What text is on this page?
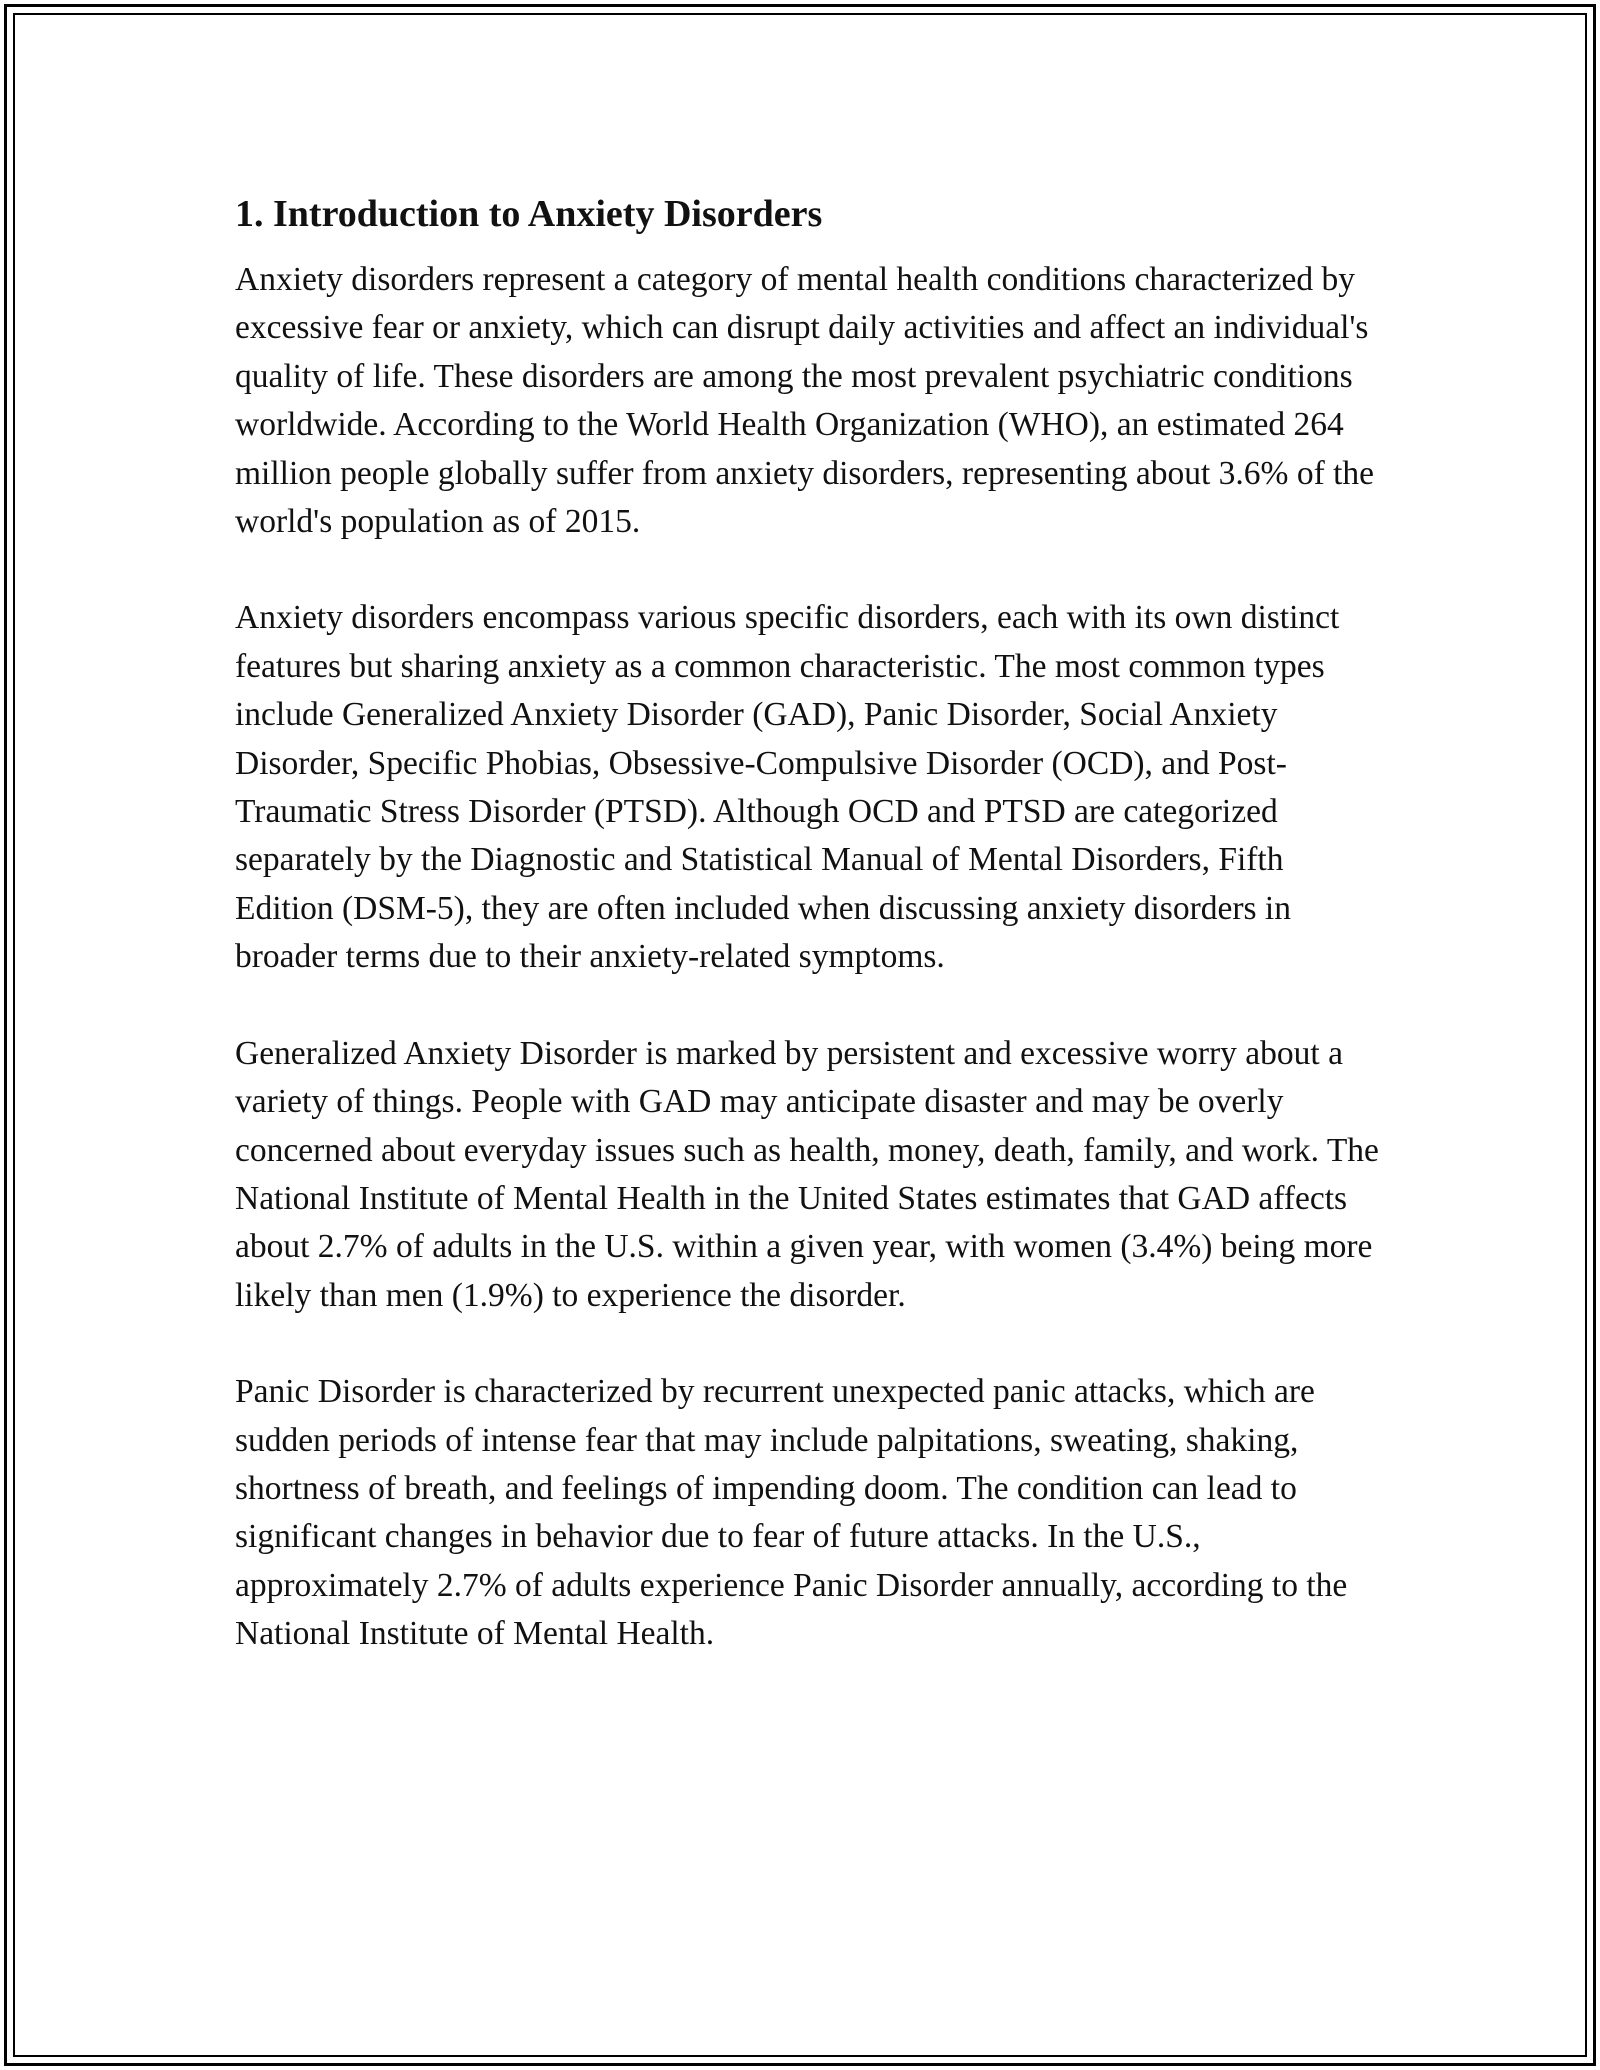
1. Introduction to Anxiety Disorders

Anxiety disorders represent a category of mental health conditions characterized by excessive fear or anxiety, which can disrupt daily activities and affect an individual's quality of life. These disorders are among the most prevalent psychiatric conditions worldwide. According to the World Health Organization (WHO), an estimated 264 million people globally suffer from anxiety disorders, representing about 3.6% of the world's population as of 2015.

Anxiety disorders encompass various specific disorders, each with its own distinct features but sharing anxiety as a common characteristic. The most common types include Generalized Anxiety Disorder (GAD), Panic Disorder, Social Anxiety Disorder, Specific Phobias, Obsessive-Compulsive Disorder (OCD), and Post-Traumatic Stress Disorder (PTSD). Although OCD and PTSD are categorized separately by the Diagnostic and Statistical Manual of Mental Disorders, Fifth Edition (DSM-5), they are often included when discussing anxiety disorders in broader terms due to their anxiety-related symptoms.

Generalized Anxiety Disorder is marked by persistent and excessive worry about a variety of things. People with GAD may anticipate disaster and may be overly concerned about everyday issues such as health, money, death, family, and work. The National Institute of Mental Health in the United States estimates that GAD affects about 2.7% of adults in the U.S. within a given year, with women (3.4%) being more likely than men (1.9%) to experience the disorder.

Panic Disorder is characterized by recurrent unexpected panic attacks, which are sudden periods of intense fear that may include palpitations, sweating, shaking, shortness of breath, and feelings of impending doom. The condition can lead to significant changes in behavior due to fear of future attacks. In the U.S., approximately 2.7% of adults experience Panic Disorder annually, according to the National Institute of Mental Health.
